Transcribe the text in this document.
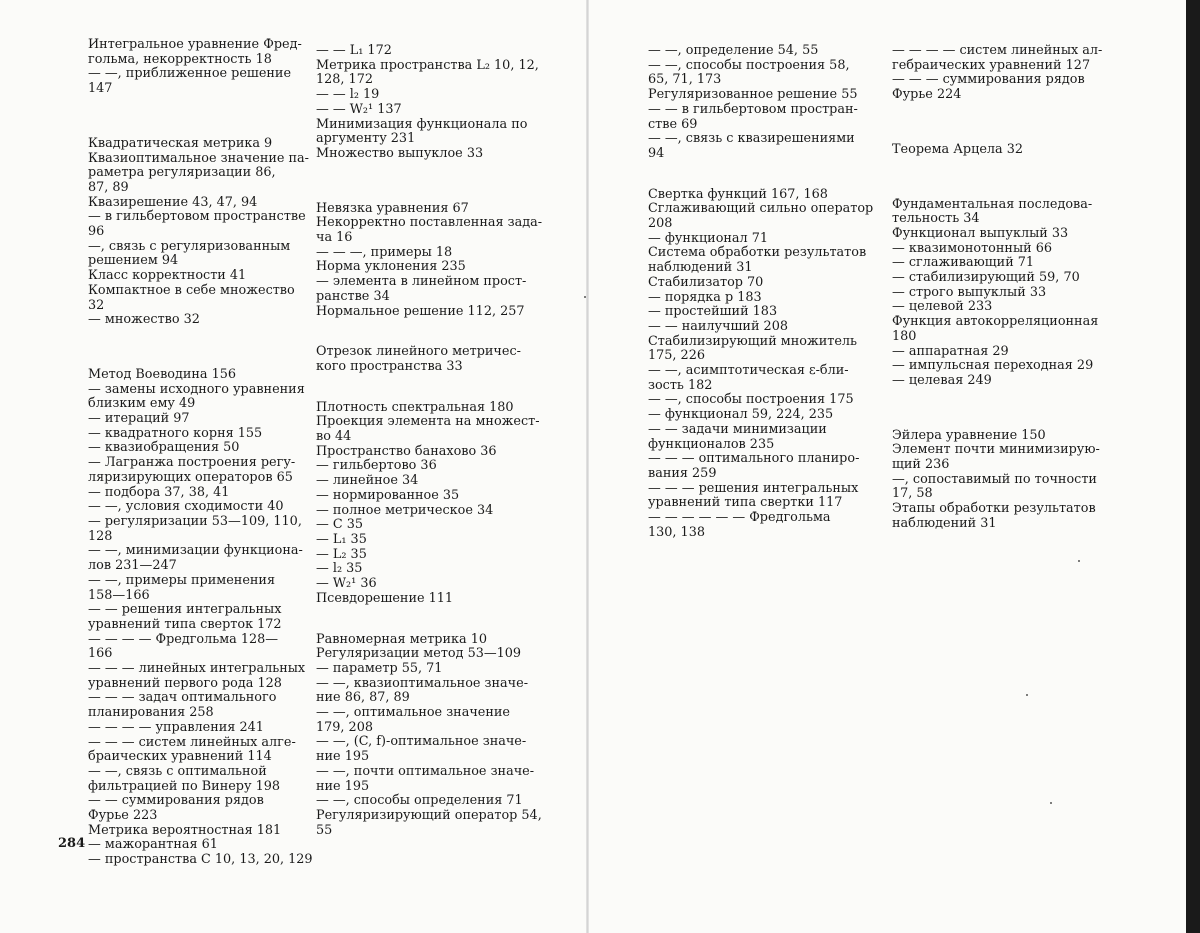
Интегральное уравнение Фред-
гольма, некорректность 18
— —, приближенное решение
147
Квадратическая метрика 9
Квазиоптимальное значение па-
раметра регуляризации 86,
87, 89
Квазирешение 43, 47, 94
— в гильбертовом пространстве
96
—, связь с регуляризованным
решением 94
Класс корректности 41
Компактное в себе множество
32
— множество 32
Метод Воеводина 156
— замены исходного уравнения
близким ему 49
— итераций 97
— квадратного корня 155
— квазиобращения 50
— Лагранжа построения регу-
ляризирующих операторов 65
— подбора 37, 38, 41
— —, условия сходимости 40
— регуляризации 53—109, 110,
128
— —, минимизации функциона-
лов 231—247
— —, примеры применения
158—166
— — решения интегральных
уравнений типа сверток 172
— — — — Фредгольма 128—
166
— — — линейных интегральных
уравнений первого рода 128
— — — задач оптимального
планирования 258
— — — — управления 241
— — — систем линейных алге-
браических уравнений 114
— —, связь с оптимальной
фильтрацией по Винеру 198
— — суммирования рядов
Фурье 223
Метрика вероятностная 181
— мажорантная 61
— пространства C 10, 13, 20, 129
— — L₁ 172
Метрика пространства L₂ 10, 12,
128, 172
— — l₂ 19
— — W₂¹ 137
Минимизация функционала по
аргументу 231
Множество выпуклое 33
Невязка уравнения 67
Некорректно поставленная зада-
ча 16
— — —, примеры 18
Норма уклонения 235
— элемента в линейном прост-
ранстве 34
Нормальное решение 112, 257
Отрезок линейного метричес-
кого пространства 33
Плотность спектральная 180
Проекция элемента на множест-
во 44
Пространство банахово 36
— гильбертово 36
— линейное 34
— нормированное 35
— полное метрическое 34
— C 35
— L₁ 35
— L₂ 35
— l₂ 35
— W₂¹ 36
Псевдорешение 111
Равномерная метрика 10
Регуляризации метод 53—109
— параметр 55, 71
— —, квазиоптимальное значе-
ние 86, 87, 89
— —, оптимальное значение
179, 208
— —, (C, f)-оптимальное значе-
ние 195
— —, почти оптимальное значе-
ние 195
— —, способы определения 71
Регуляризирующий оператор 54,
55
— —, определение 54, 55
— —, способы построения 58,
65, 71, 173
Регуляризованное решение 55
— — в гильбертовом простран-
стве 69
— —, связь с квазирешениями
94
Свертка функций 167, 168
Сглаживающий сильно оператор
208
— функционал 71
Система обработки результатов
наблюдений 31
Стабилизатор 70
— порядка p 183
— простейший 183
— — наилучший 208
Стабилизирующий множитель
175, 226
— —, асимптотическая ε-бли-
зость 182
— —, способы построения 175
— функционал 59, 224, 235
— — задачи минимизации
функционалов 235
— — — оптимального планиро-
вания 259
— — — решения интегральных
уравнений типа свертки 117
— — — — — — Фредгольма
130, 138
— — — — систем линейных ал-
гебраических уравнений 127
— — — суммирования рядов
Фурье 224
Теорема Арцела 32
Фундаментальная последова-
тельность 34
Функционал выпуклый 33
— квазимонотонный 66
— сглаживающий 71
— стабилизирующий 59, 70
— строго выпуклый 33
— целевой 233
Функция автокорреляционная
180
— аппаратная 29
— импульсная переходная 29
— целевая 249
Эйлера уравнение 150
Элемент почти минимизирую-
щий 236
—, сопоставимый по точности
17, 58
Этапы обработки результатов
наблюдений 31
284
